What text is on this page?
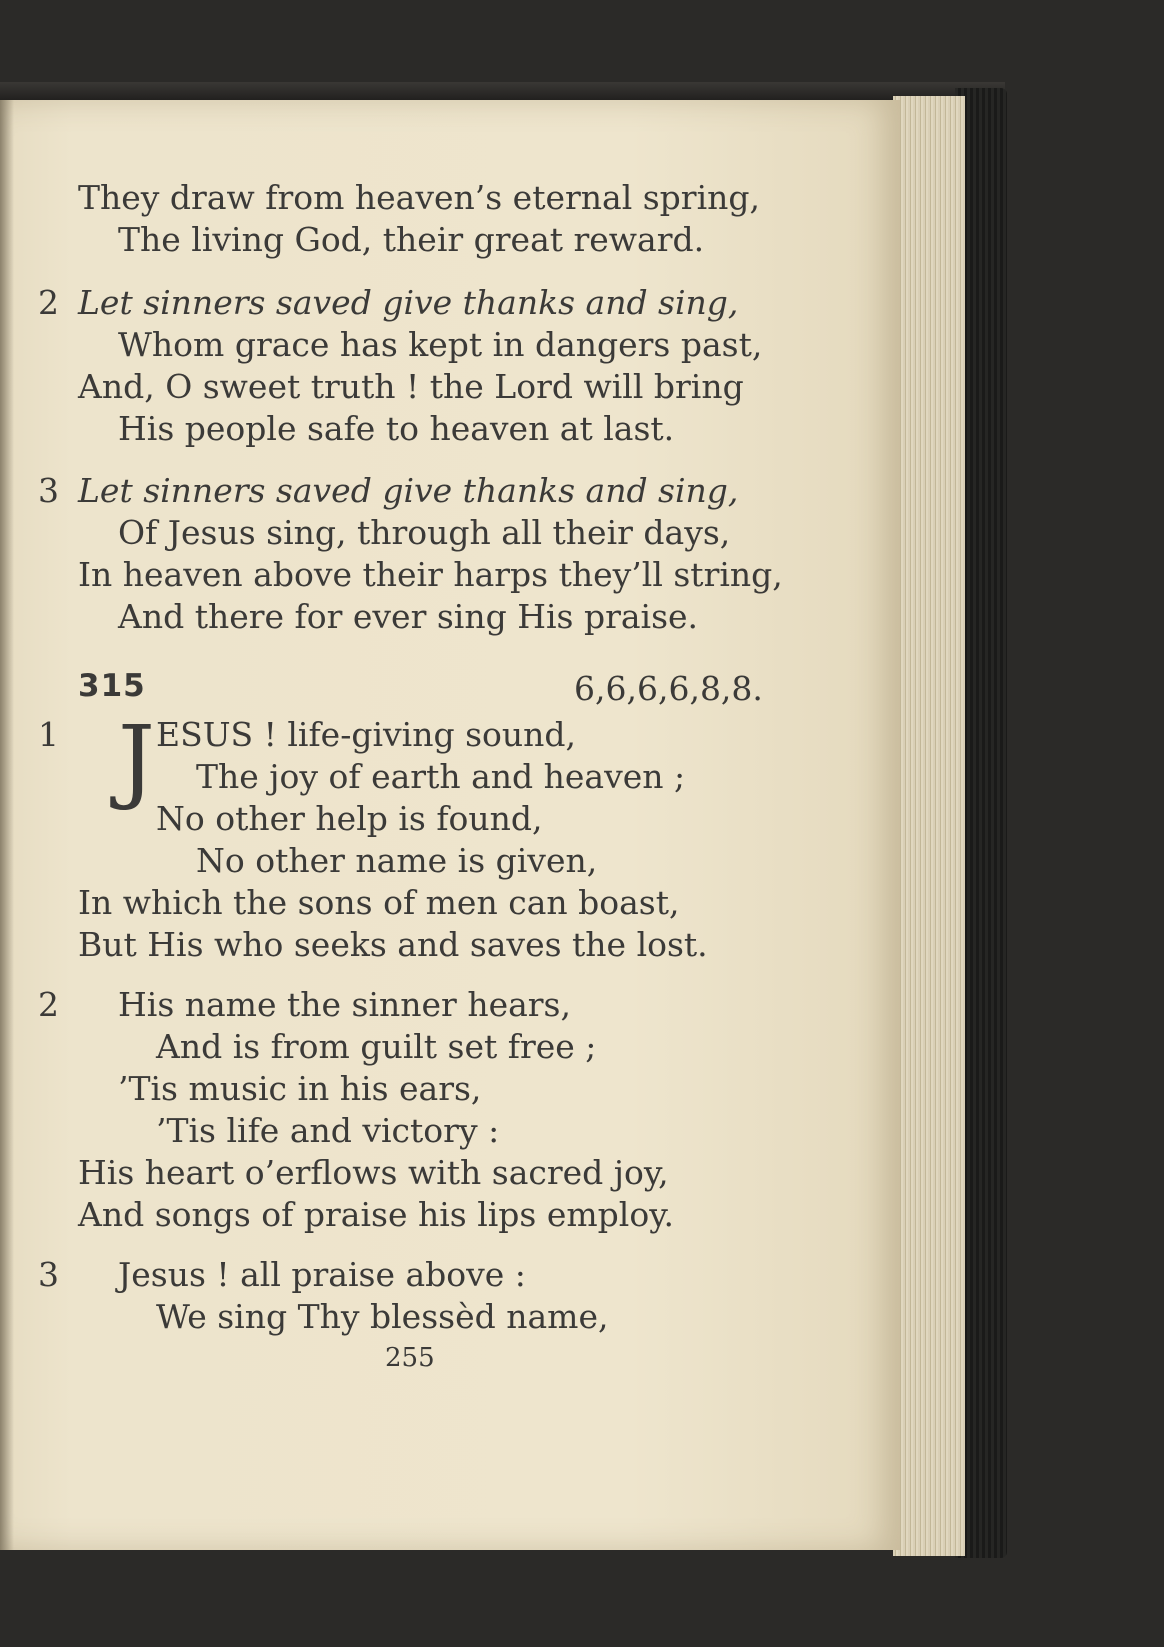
They draw from heaven’s eternal spring,
The living God, their great reward.
2 Let sinners saved give thanks and sing,
Whom grace has kept in dangers past,
And, O sweet truth ! the Lord will bring
His people safe to heaven at last.
3 Let sinners saved give thanks and sing,
Of Jesus sing, through all their days,
In heaven above their harps they’ll string,
And there for ever sing His praise.
315	6,6,6,6,8,8.
1 J ESUS ! life-giving sound,
The joy of earth and heaven ;
No other help is found,
No other name is given,
In which the sons of men can boast,
But His who seeks and saves the lost.
2 His name the sinner hears,
And is from guilt set free ;
’Tis music in his ears,
’Tis life and victory :
His heart o’erflows with sacred joy,
And songs of praise his lips employ.
3 Jesus ! all praise above :
We sing Thy blessèd name,
255
